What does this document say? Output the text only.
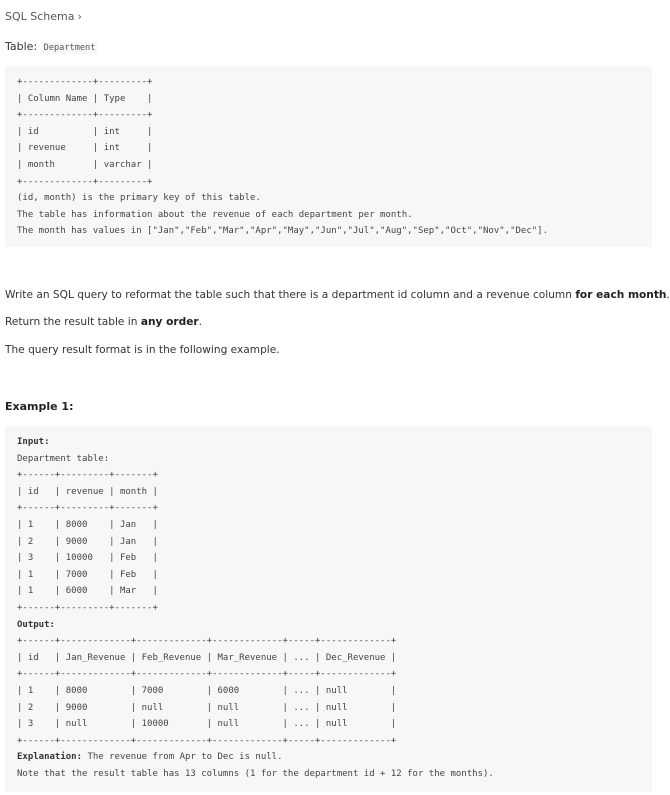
SQL Schema ›
Table: Department
+-------------+---------+
| Column Name | Type    |
+-------------+---------+
| id          | int     |
| revenue     | int     |
| month       | varchar |
+-------------+---------+
(id, month) is the primary key of this table.
The table has information about the revenue of each department per month.
The month has values in ["Jan","Feb","Mar","Apr","May","Jun","Jul","Aug","Sep","Oct","Nov","Dec"].
Write an SQL query to reformat the table such that there is a department id column and a revenue column for each month.
Return the result table in any order.
The query result format is in the following example.
Example 1:
Input:
Department table:
+------+---------+-------+
| id   | revenue | month |
+------+---------+-------+
| 1    | 8000    | Jan   |
| 2    | 9000    | Jan   |
| 3    | 10000   | Feb   |
| 1    | 7000    | Feb   |
| 1    | 6000    | Mar   |
+------+---------+-------+
Output:
+------+-------------+-------------+-------------+-----+-------------+
| id   | Jan_Revenue | Feb_Revenue | Mar_Revenue | ... | Dec_Revenue |
+------+-------------+-------------+-------------+-----+-------------+
| 1    | 8000        | 7000        | 6000        | ... | null        |
| 2    | 9000        | null        | null        | ... | null        |
| 3    | null        | 10000       | null        | ... | null        |
+------+-------------+-------------+-------------+-----+-------------+
Explanation: The revenue from Apr to Dec is null.
Note that the result table has 13 columns (1 for the department id + 12 for the months).
